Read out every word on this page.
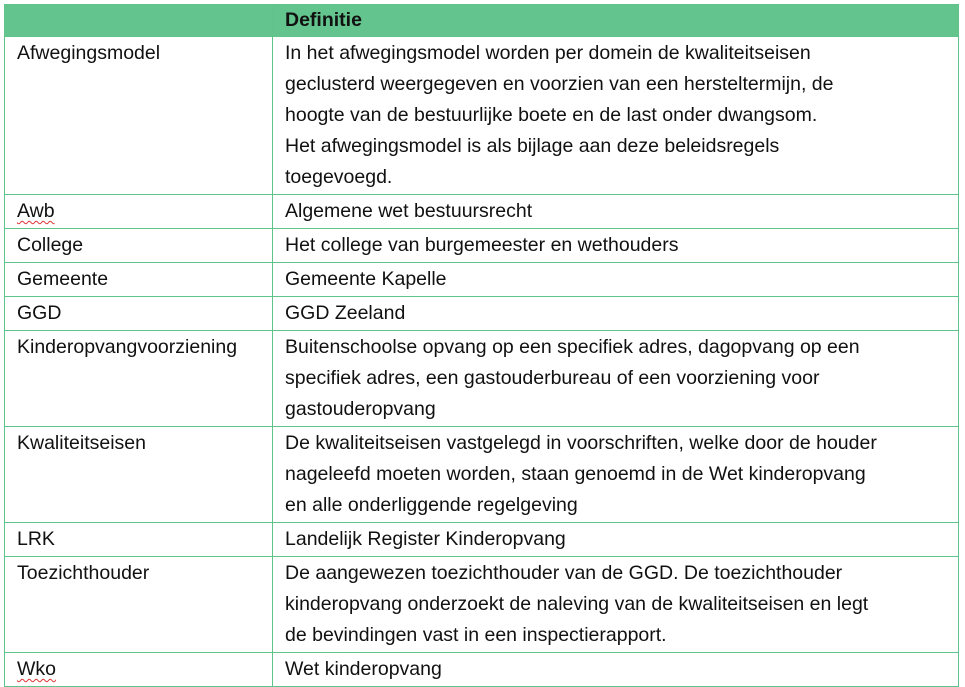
	Definitie
Afwegingsmodel	In het afwegingsmodel worden per domein de kwaliteitseisen
geclusterd weergegeven en voorzien van een hersteltermijn, de
hoogte van de bestuurlijke boete en de last onder dwangsom.
Het afwegingsmodel is als bijlage aan deze beleidsregels
toegevoegd.

Awb	Algemene wet bestuursrecht

College	Het college van burgemeester en wethouders

Gemeente	Gemeente Kapelle

GGD	GGD Zeeland

Kinderopvangvoorziening	Buitenschoolse opvang op een specifiek adres, dagopvang op een
specifiek adres, een gastouderbureau of een voorziening voor
gastouderopvang

Kwaliteitseisen	De kwaliteitseisen vastgelegd in voorschriften, welke door de houder
nageleefd moeten worden, staan genoemd in de Wet kinderopvang
en alle onderliggende regelgeving

LRK	Landelijk Register Kinderopvang

Toezichthouder	De aangewezen toezichthouder van de GGD. De toezichthouder
kinderopvang onderzoekt de naleving van de kwaliteitseisen en legt
de bevindingen vast in een inspectierapport.

Wko	Wet kinderopvang
